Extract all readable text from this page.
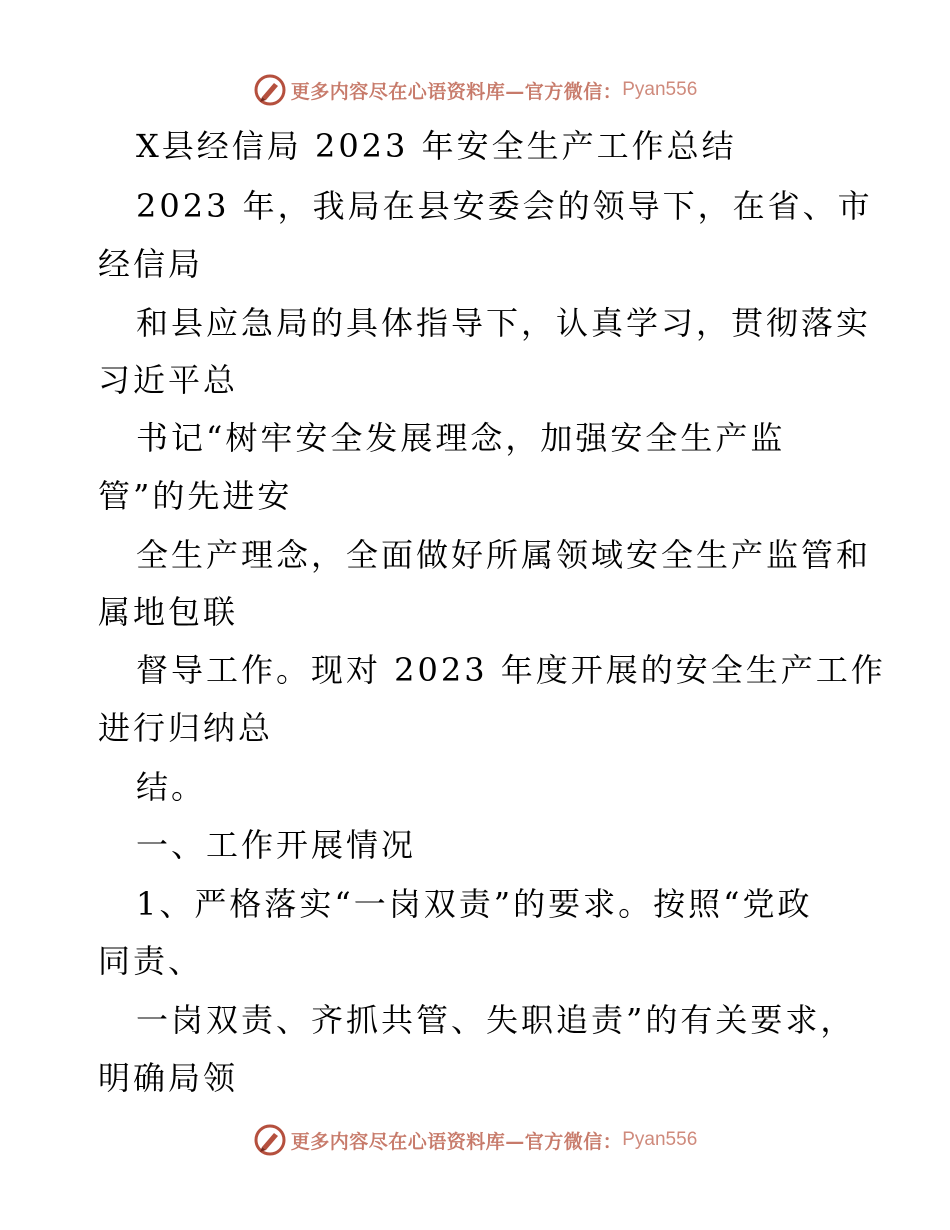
更多内容尽在心语资料库—官方微信： Pyan556
X县经信局 2023 年安全生产工作总结
2023 年，我局在县安委会的领导下，在省、市
经信局
和县应急局的具体指导下，认真学习，贯彻落实
习近平总
书记“树牢安全发展理念，加强安全生产监
管”的先进安
全生产理念，全面做好所属领域安全生产监管和
属地包联
督导工作。现对 2023 年度开展的安全生产工作
进行归纳总
结。
一、工作开展情况
1、严格落实“一岗双责”的要求。按照“党政
同责、
一岗双责、齐抓共管、失职追责”的有关要求，
明确局领
更多内容尽在心语资料库—官方微信： Pyan556
